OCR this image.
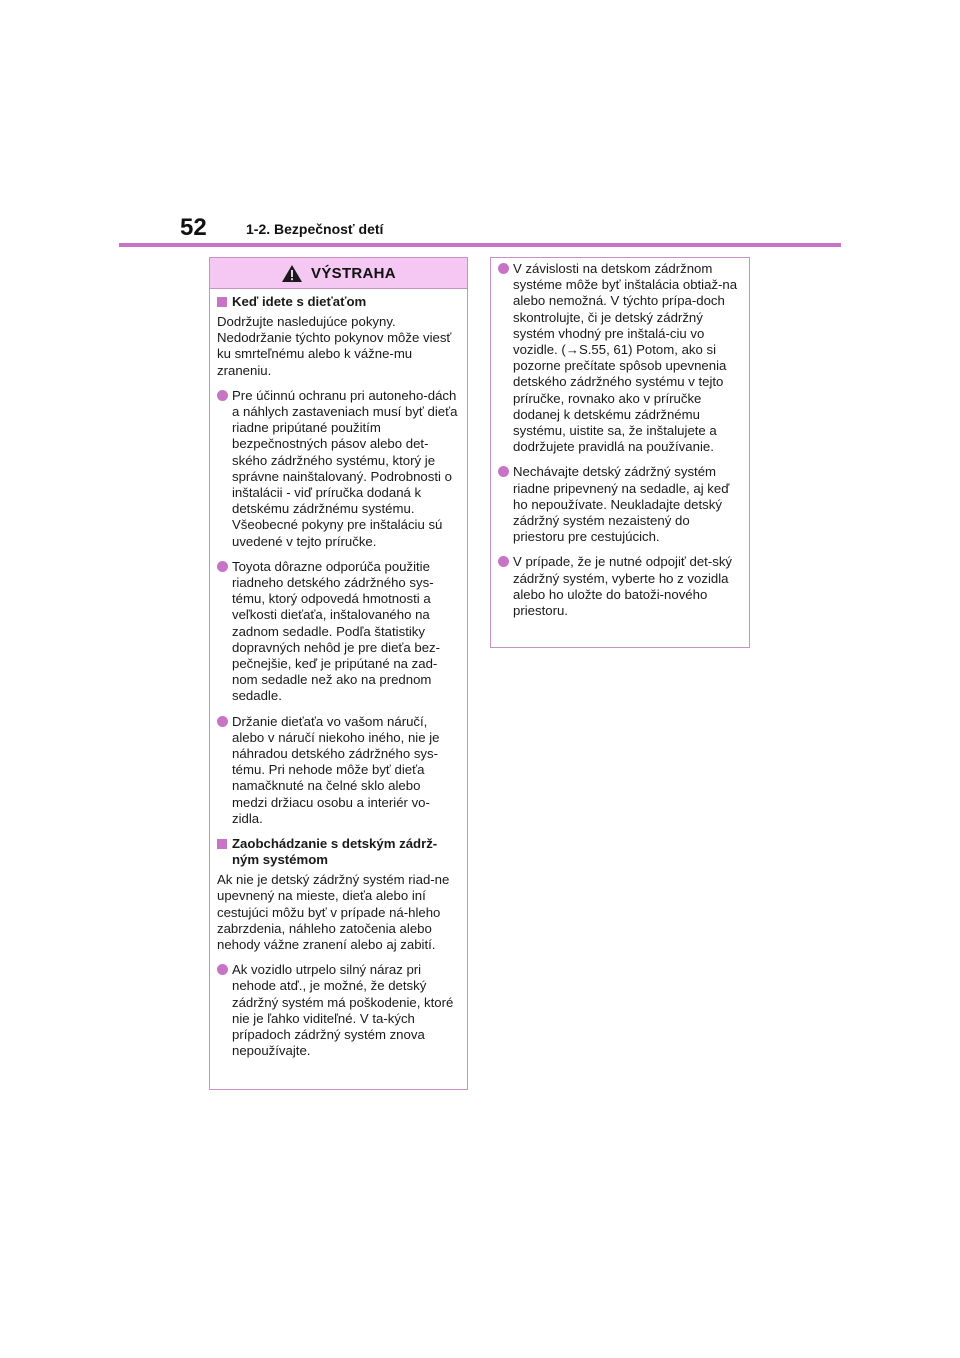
52	1-2. Bezpečnosť detí
VÝSTRAHA
Keď idete s dieťaťom
Dodržujte nasledujúce pokyny. Nedodržanie týchto pokynov môže viesť ku smrteľnému alebo k vážne-mu zraneniu.
Pre účinnú ochranu pri autoneho-dách a náhlych zastaveniach musí byť dieťa riadne pripútané použitím bezpečnostných pásov alebo det-ského zádržného systému, ktorý je správne nainštalovaný. Podrobnosti o inštalácii - viď príručka dodaná k detskému zádržnému systému. Všeobecné pokyny pre inštaláciu sú uvedené v tejto príručke.
Toyota dôrazne odporúča použitie riadneho detského zádržného sys-tému, ktorý odpovedá hmotnosti a veľkosti dieťaťa, inštalovaného na zadnom sedadle. Podľa štatistiky dopravných nehôd je pre dieťa bez-pečnejšie, keď je pripútané na zad-nom sedadle než ako na prednom sedadle.
Držanie dieťaťa vo vašom náručí, alebo v náručí niekoho iného, nie je náhradou detského zádržného sys-tému. Pri nehode môže byť dieťa namačknuté na čelné sklo alebo medzi držiacu osobu a interiér vo-zidla.
Zaobchádzanie s detským zádrž-ným systémom
Ak nie je detský zádržný systém riad-ne upevnený na mieste, dieťa alebo iní cestujúci môžu byť v prípade ná-hleho zabrzdenia, náhleho zatočenia alebo nehody vážne zranení alebo aj zabití.
Ak vozidlo utrpelo silný náraz pri nehode atď., je možné, že detský zádržný systém má poškodenie, ktoré nie je ľahko viditeľné. V ta-kých prípadoch zádržný systém znova nepoužívajte.
V závislosti na detskom zádržnom systéme môže byť inštalácia obtiaž-na alebo nemožná. V týchto prípa-doch skontrolujte, či je detský zádržný systém vhodný pre inštalá-ciu vo vozidle. (→S.55, 61) Potom, ako si pozorne prečítate spôsob upevnenia detského zádržného systému v tejto príručke, rovnako ako v príručke dodanej k detskému zádržnému systému, uistite sa, že inštalujete a dodržujete pravidlá na používanie.
Nechávajte detský zádržný systém riadne pripevnený na sedadle, aj keď ho nepoužívate. Neukladajte detský zádržný systém nezaistený do priestoru pre cestujúcich.
V prípade, že je nutné odpojiť det-ský zádržný systém, vyberte ho z vozidla alebo ho uložte do batoži-nového priestoru.
